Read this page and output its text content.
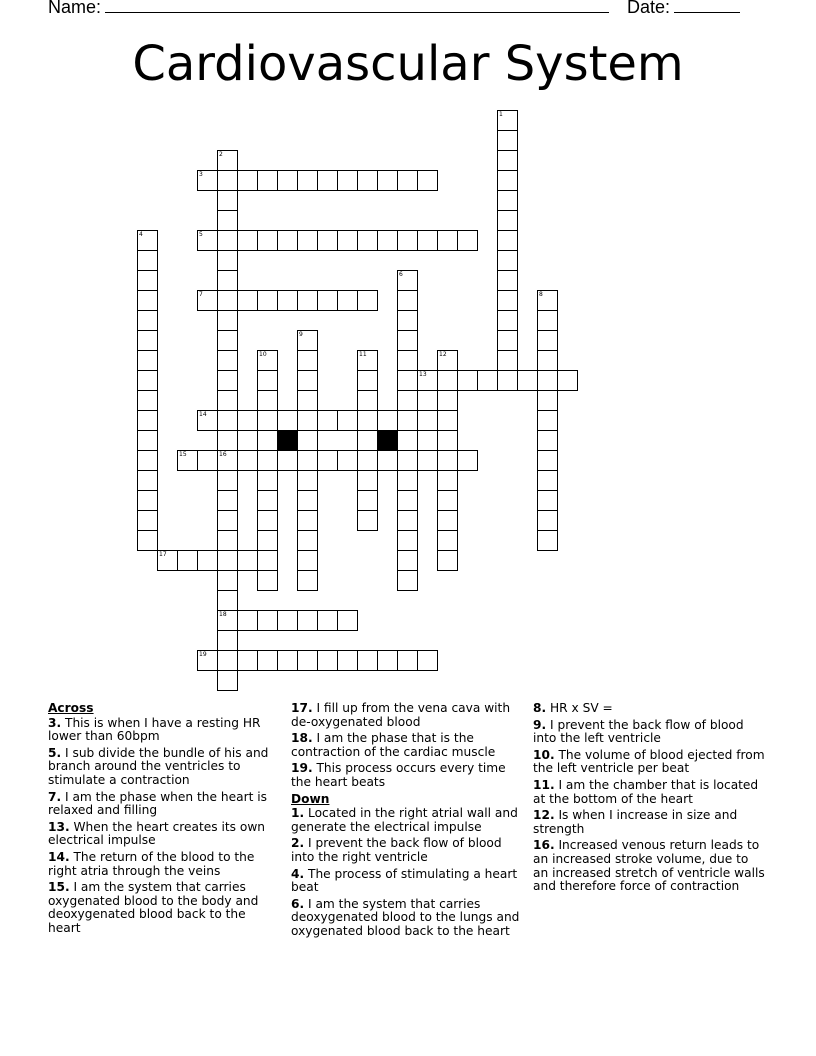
Name:	Date:
Cardiovascular System
1
2
16
18
3
4	5
6
7	8
9
10	11	12
13
14
15
17
19
Across
3. This is when I have a resting HR lower than 60bpm
5. I sub divide the bundle of his and branch around the ventricles to stimulate a contraction
7. I am the phase when the heart is relaxed and filling
13. When the heart creates its own electrical impulse
14. The return of the blood to the right atria through the veins
15. I am the system that carries oxygenated blood to the body and deoxygenated blood back to the heart
17. I fill up from the vena cava with de-oxygenated blood
18. I am the phase that is the contraction of the cardiac muscle
19. This process occurs every time the heart beats
Down
1. Located in the right atrial wall and generate the electrical impulse
2. I prevent the back flow of blood into the right ventricle
4. The process of stimulating a heart beat
6. I am the system that carries deoxygenated blood to the lungs and oxygenated blood back to the heart
8. HR x SV =
9. I prevent the back flow of blood into the left ventricle
10. The volume of blood ejected from the left ventricle per beat
11. I am the chamber that is located at the bottom of the heart
12. Is when I increase in size and strength
16. Increased venous return leads to an increased stroke volume, due to an increased stretch of ventricle walls and therefore force of contraction
